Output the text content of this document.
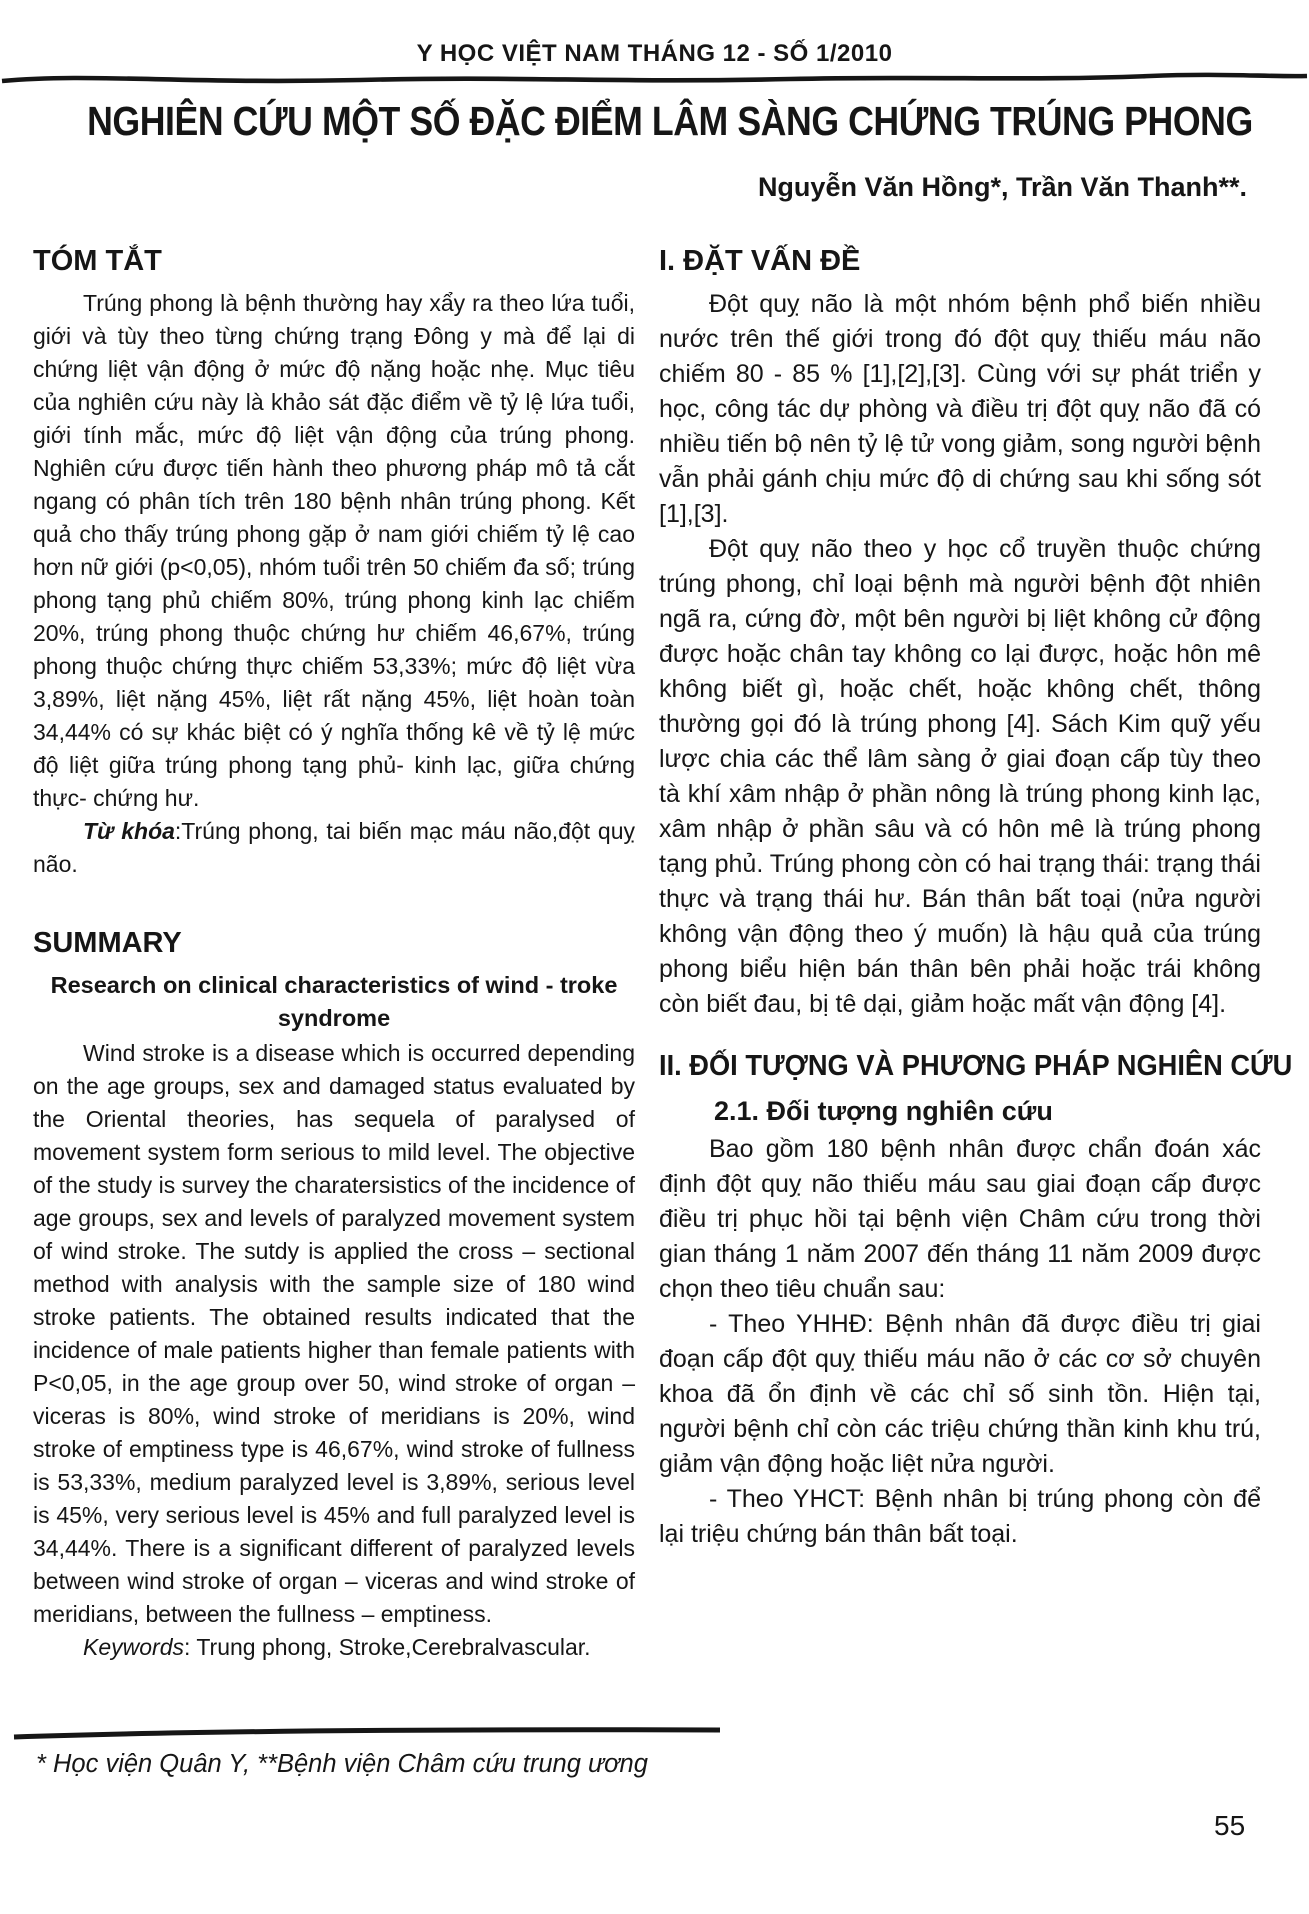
Y HỌC VIỆT NAM THÁNG 12 - SỐ 1/2010
NGHIÊN CỨU MỘT SỐ ĐẶC ĐIỂM LÂM SÀNG CHỨNG TRÚNG PHONG
Nguyễn Văn Hồng*, Trần Văn Thanh**.
TÓM TẮT

Trúng phong là bệnh thường hay xẩy ra theo lứa tuổi, giới và tùy theo từng chứng trạng Đông y mà để lại di chứng liệt vận động ở mức độ nặng hoặc nhẹ. Mục tiêu của nghiên cứu này là khảo sát đặc điểm về tỷ lệ lứa tuổi, giới tính mắc, mức độ liệt vận động của trúng phong. Nghiên cứu được tiến hành theo phương pháp mô tả cắt ngang có phân tích trên 180 bệnh nhân trúng phong. Kết quả cho thấy trúng phong gặp ở nam giới chiếm tỷ lệ cao hơn nữ giới (p<0,05), nhóm tuổi trên 50 chiếm đa số; trúng phong tạng phủ chiếm 80%, trúng phong kinh lạc chiếm 20%, trúng phong thuộc chứng hư chiếm 46,67%, trúng phong thuộc chứng thực chiếm 53,33%; mức độ liệt vừa 3,89%, liệt nặng 45%, liệt rất nặng 45%, liệt hoàn toàn 34,44% có sự khác biệt có ý nghĩa thống kê về tỷ lệ mức độ liệt giữa trúng phong tạng phủ- kinh lạc, giữa chứng thực- chứng hư.

Từ khóa:Trúng phong, tai biến mạc máu não,đột quỵ não.

SUMMARY
Research on clinical characteristics of wind - troke syndrome

Wind stroke is a disease which is occurred depending on the age groups, sex and damaged status evaluated by the Oriental theories, has sequela of paralysed of movement system form serious to mild level. The objective of the study is survey the charatersistics of the incidence of age groups, sex and levels of paralyzed movement system of wind stroke. The sutdy is applied the cross – sectional method with analysis with the sample size of 180 wind stroke patients. The obtained results indicated that the incidence of male patients higher than female patients with P<0,05, in the age group over 50, wind stroke of organ – viceras is 80%, wind stroke of meridians is 20%, wind stroke of emptiness type is 46,67%, wind stroke of fullness is 53,33%, medium paralyzed level is 3,89%, serious level is 45%, very serious level is 45% and full paralyzed level is 34,44%. There is a significant different of paralyzed levels between wind stroke of organ – viceras and wind stroke of meridians, between the fullness – emptiness.

Keywords: Trung phong, Stroke,Cerebralvascular.

I. ĐẶT VẤN ĐỀ

Đột quỵ não là một nhóm bệnh phổ biến nhiều nước trên thế giới trong đó đột quỵ thiếu máu não chiếm 80 - 85 % [1],[2],[3]. Cùng với sự phát triển y học, công tác dự phòng và điều trị đột quỵ não đã có nhiều tiến bộ nên tỷ lệ tử vong giảm, song người bệnh vẫn phải gánh chịu mức độ di chứng sau khi sống sót [1],[3].

Đột quỵ não theo y học cổ truyền thuộc chứng trúng phong, chỉ loại bệnh mà người bệnh đột nhiên ngã ra, cứng đờ, một bên người bị liệt không cử động được hoặc chân tay không co lại được, hoặc hôn mê không biết gì, hoặc chết, hoặc không chết, thông thường gọi đó là trúng phong [4]. Sách Kim quỹ yếu lược chia các thể lâm sàng ở giai đoạn cấp tùy theo tà khí xâm nhập ở phần nông là trúng phong kinh lạc, xâm nhập ở phần sâu và có hôn mê là trúng phong tạng phủ. Trúng phong còn có hai trạng thái: trạng thái thực và trạng thái hư. Bán thân bất toại (nửa người không vận động theo ý muốn) là hậu quả của trúng phong biểu hiện bán thân bên phải hoặc trái không còn biết đau, bị tê dại, giảm hoặc mất vận động [4].

II. ĐỐI TƯỢNG VÀ PHƯƠNG PHÁP NGHIÊN CỨU
2.1. Đối tượng nghiên cứu

Bao gồm 180 bệnh nhân được chẩn đoán xác định đột quỵ não thiếu máu sau giai đoạn cấp được điều trị phục hồi tại bệnh viện Châm cứu trong thời gian tháng 1 năm 2007 đến tháng 11 năm 2009 được chọn theo tiêu chuẩn sau:

- Theo YHHĐ: Bệnh nhân đã được điều trị giai đoạn cấp đột quỵ thiếu máu não ở các cơ sở chuyên khoa đã ổn định về các chỉ số sinh tồn. Hiện tại, người bệnh chỉ còn các triệu chứng thần kinh khu trú, giảm vận động hoặc liệt nửa người.

- Theo YHCT: Bệnh nhân bị trúng phong còn để lại triệu chứng bán thân bất toại.

* Học viện Quân Y, **Bệnh viện Châm cứu trung ương
55
